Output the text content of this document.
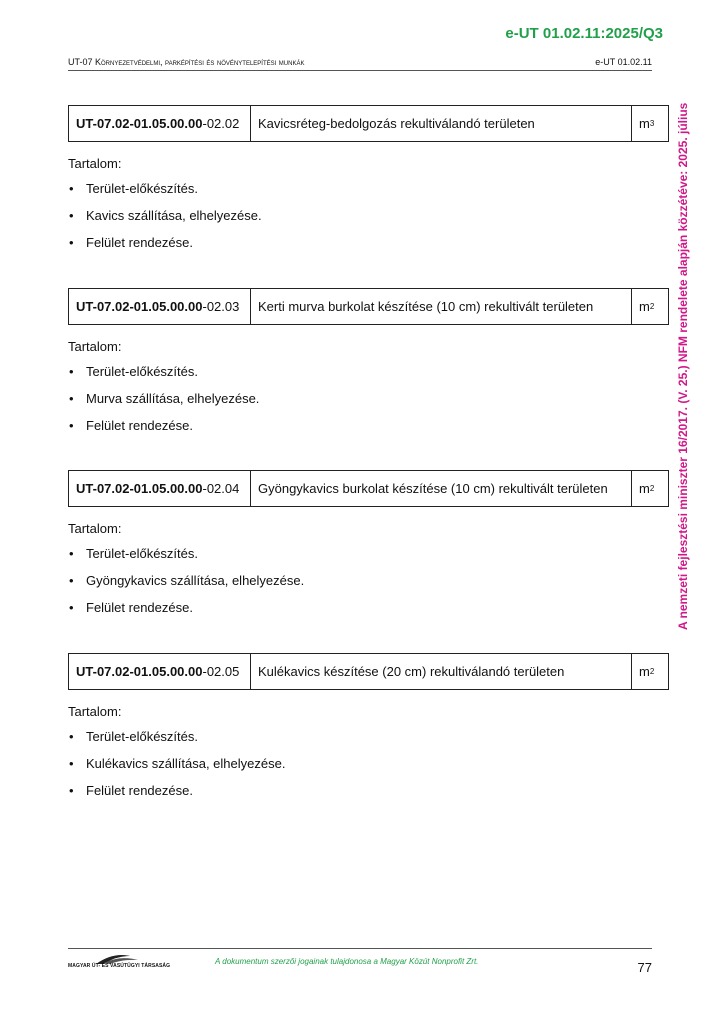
e-UT 01.02.11:2025/Q3
UT-07 Környezetvédelmi, parképítési és növénytelepítési munkák	e-UT 01.02.11
A nemzeti fejlesztési miniszter 16/2017. (V. 25.) NFM rendelete alapján közzétéve: 2025. július
UT-07.02-01.05.00.00 -02.02	Kavicsréteg-bedolgozás rekultiválandó területen	m 3
Tartalom:
• Terület-előkészítés.
• Kavics szállítása, elhelyezése.
• Felület rendezése.
UT-07.02-01.05.00.00 -02.03	Kerti murva burkolat készítése (10 cm) rekultivált területen	m 2
Tartalom:
• Terület-előkészítés.
• Murva szállítása, elhelyezése.
• Felület rendezése.
UT-07.02-01.05.00.00 -02.04	Gyöngykavics burkolat készítése (10 cm) rekultivált területen	m 2
Tartalom:
• Terület-előkészítés.
• Gyöngykavics szállítása, elhelyezése.
• Felület rendezése.
UT-07.02-01.05.00.00 -02.05	Kulékavics készítése (20 cm) rekultiválandó területen	m 2
Tartalom:
• Terület-előkészítés.
• Kulékavics szállítása, elhelyezése.
• Felület rendezése.
MAGYAR ÚT- ÉS VASÚTÜGYI TÁRSASÁG	A dokumentum szerzői jogainak tulajdonosa a Magyar Közút Nonprofit Zrt.	77
